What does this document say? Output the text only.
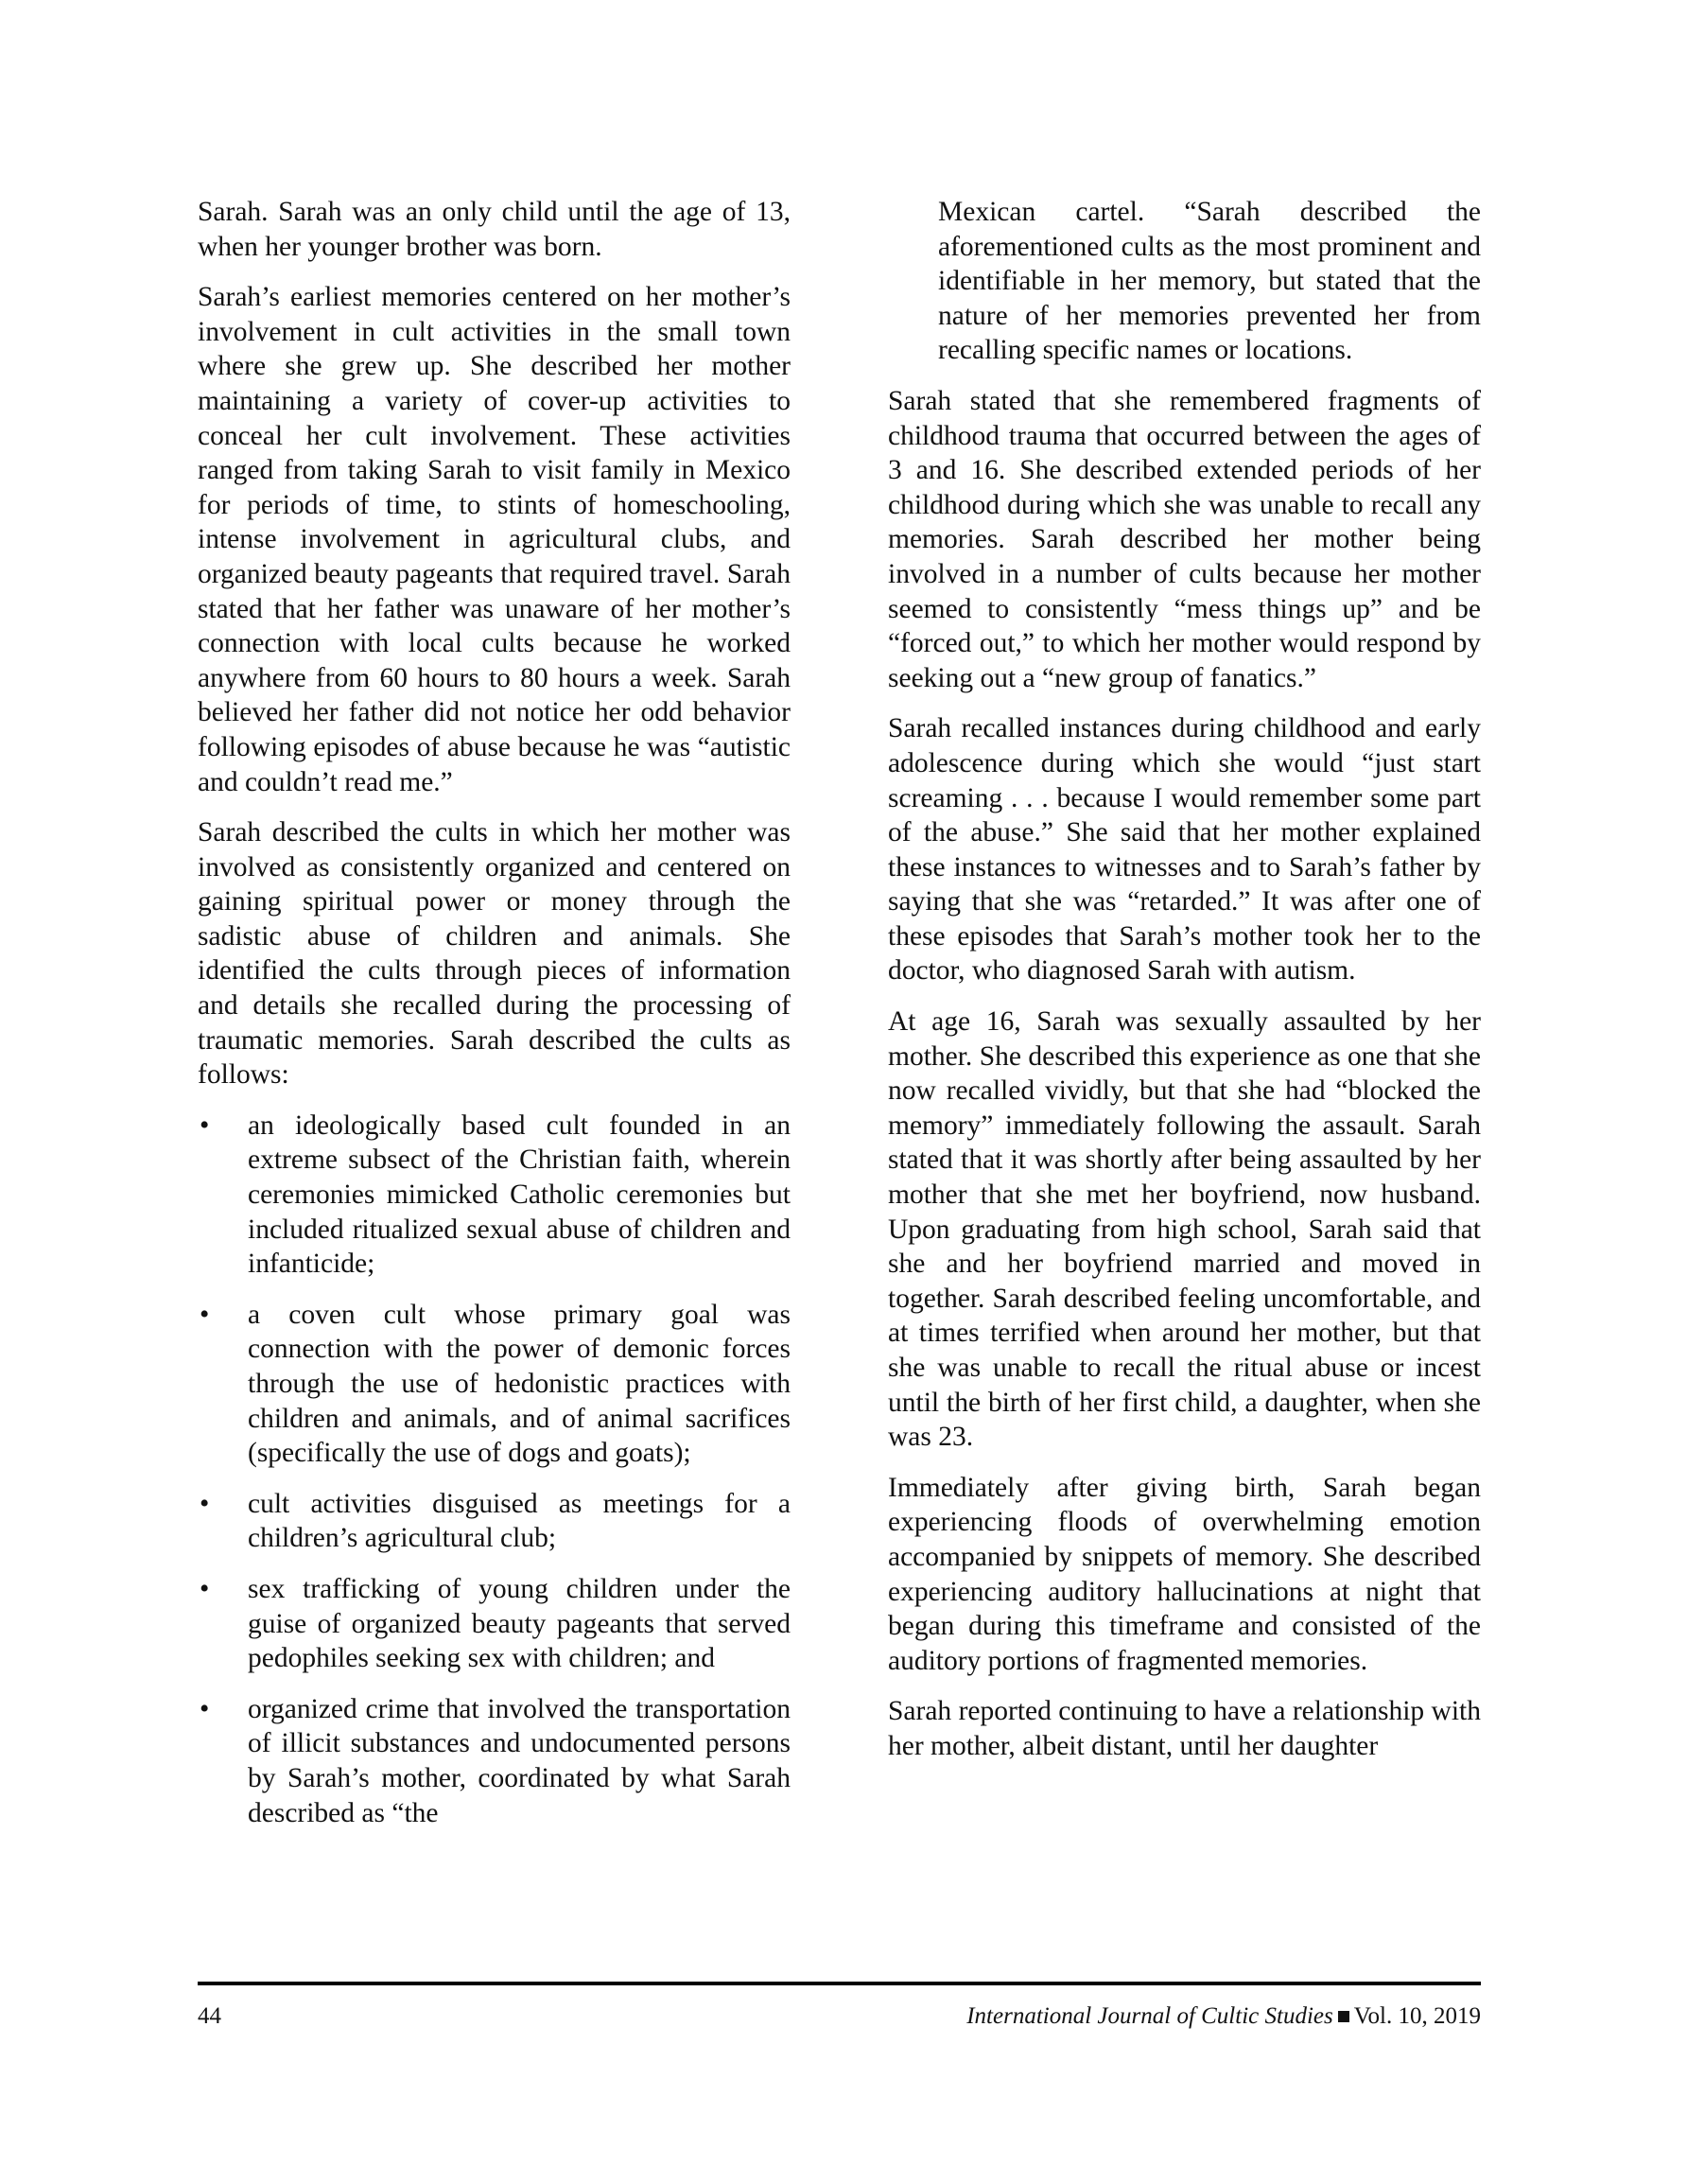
Sarah. Sarah was an only child until the age of 13, when her younger brother was born.

Sarah’s earliest memories centered on her mother’s involvement in cult activities in the small town where she grew up. She described her mother maintaining a variety of cover-up activities to conceal her cult involvement. These activities ranged from taking Sarah to visit family in Mexico for periods of time, to stints of homeschooling, intense involvement in agricultural clubs, and organized beauty pageants that required travel. Sarah stated that her father was unaware of her mother’s connection with local cults because he worked anywhere from 60 hours to 80 hours a week. Sarah believed her father did not notice her odd behavior following episodes of abuse because he was “autistic and couldn’t read me.”

Sarah described the cults in which her mother was involved as consistently organized and centered on gaining spiritual power or money through the sadistic abuse of children and animals. She identified the cults through pieces of information and details she recalled during the processing of traumatic memories. Sarah described the cults as follows:

•	an ideologically based cult founded in an extreme subsect of the Christian faith, wherein ceremonies mimicked Catholic ceremonies but included ritualized sexual abuse of children and infanticide;
•	a coven cult whose primary goal was connection with the power of demonic forces through the use of hedonistic practices with children and animals, and of animal sacrifices (specifically the use of dogs and goats);
•	cult activities disguised as meetings for a children’s agricultural club;
•	sex trafficking of young children under the guise of organized beauty pageants that served pedophiles seeking sex with children; and
•	organized crime that involved the transportation of illicit substances and undocumented persons by Sarah’s mother, coordinated by what Sarah described as “the

Mexican cartel. “Sarah described the aforementioned cults as the most prominent and identifiable in her memory, but stated that the nature of her memories prevented her from recalling specific names or locations.

Sarah stated that she remembered fragments of childhood trauma that occurred between the ages of 3 and 16. She described extended periods of her childhood during which she was unable to recall any memories. Sarah described her mother being involved in a number of cults because her mother seemed to consistently “mess things up” and be “forced out,” to which her mother would respond by seeking out a “new group of fanatics.”

Sarah recalled instances during childhood and early adolescence during which she would “just start screaming . . . because I would remember some part of the abuse.” She said that her mother explained these instances to witnesses and to Sarah’s father by saying that she was “retarded.” It was after one of these episodes that Sarah’s mother took her to the doctor, who diagnosed Sarah with autism.

At age 16, Sarah was sexually assaulted by her mother. She described this experience as one that she now recalled vividly, but that she had “blocked the memory” immediately following the assault. Sarah stated that it was shortly after being assaulted by her mother that she met her boyfriend, now husband. Upon graduating from high school, Sarah said that she and her boyfriend married and moved in together. Sarah described feeling uncomfortable, and at times terrified when around her mother, but that she was unable to recall the ritual abuse or incest until the birth of her first child, a daughter, when she was 23.

Immediately after giving birth, Sarah began experiencing floods of overwhelming emotion accompanied by snippets of memory. She described experiencing auditory hallucinations at night that began during this timeframe and consisted of the auditory portions of fragmented memories.

Sarah reported continuing to have a relationship with her mother, albeit distant, until her daughter

44	International Journal of Cultic Studies Vol. 10, 2019
